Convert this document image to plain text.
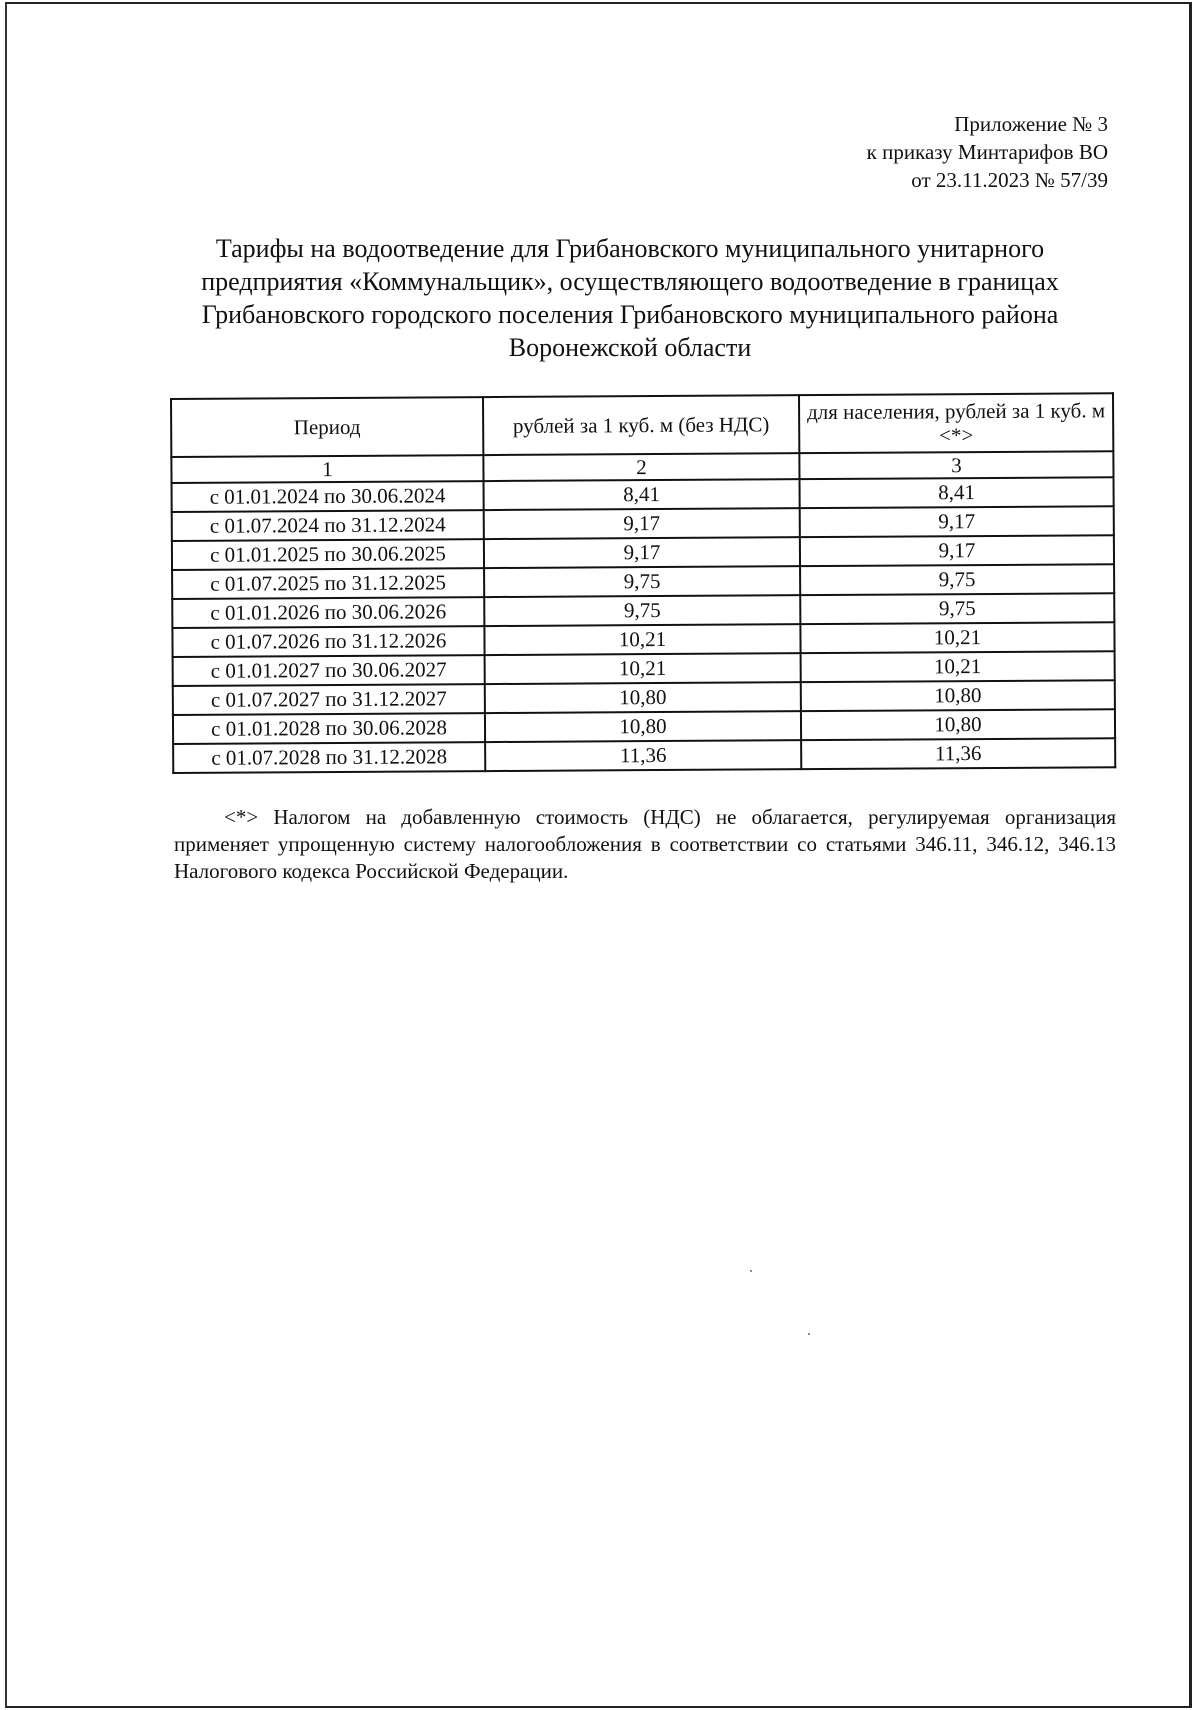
Приложение № 3
к приказу Минтарифов ВО
от 23.11.2023 № 57/39
Тарифы на водоотведение для Грибановского муниципального унитарного
предприятия «Коммунальщик», осуществляющего водоотведение в границах
Грибановского городского поселения Грибановского муниципального района
Воронежской области
Период	рублей за 1 куб. м (без НДС)	для населения, рублей за 1 куб. м <*>
1	2	3
с 01.01.2024 по 30.06.2024	8,41	8,41
с 01.07.2024 по 31.12.2024	9,17	9,17
с 01.01.2025 по 30.06.2025	9,17	9,17
с 01.07.2025 по 31.12.2025	9,75	9,75
с 01.01.2026 по 30.06.2026	9,75	9,75
с 01.07.2026 по 31.12.2026	10,21	10,21
с 01.01.2027 по 30.06.2027	10,21	10,21
с 01.07.2027 по 31.12.2027	10,80	10,80
с 01.01.2028 по 30.06.2028	10,80	10,80
с 01.07.2028 по 31.12.2028	11,36	11,36

<*> Налогом на добавленную стоимость (НДС) не облагается, регулируемая организация применяет упрощенную систему налогообложения в соответствии со статьями 346.11, 346.12, 346.13 Налогового кодекса Российской Федерации.
